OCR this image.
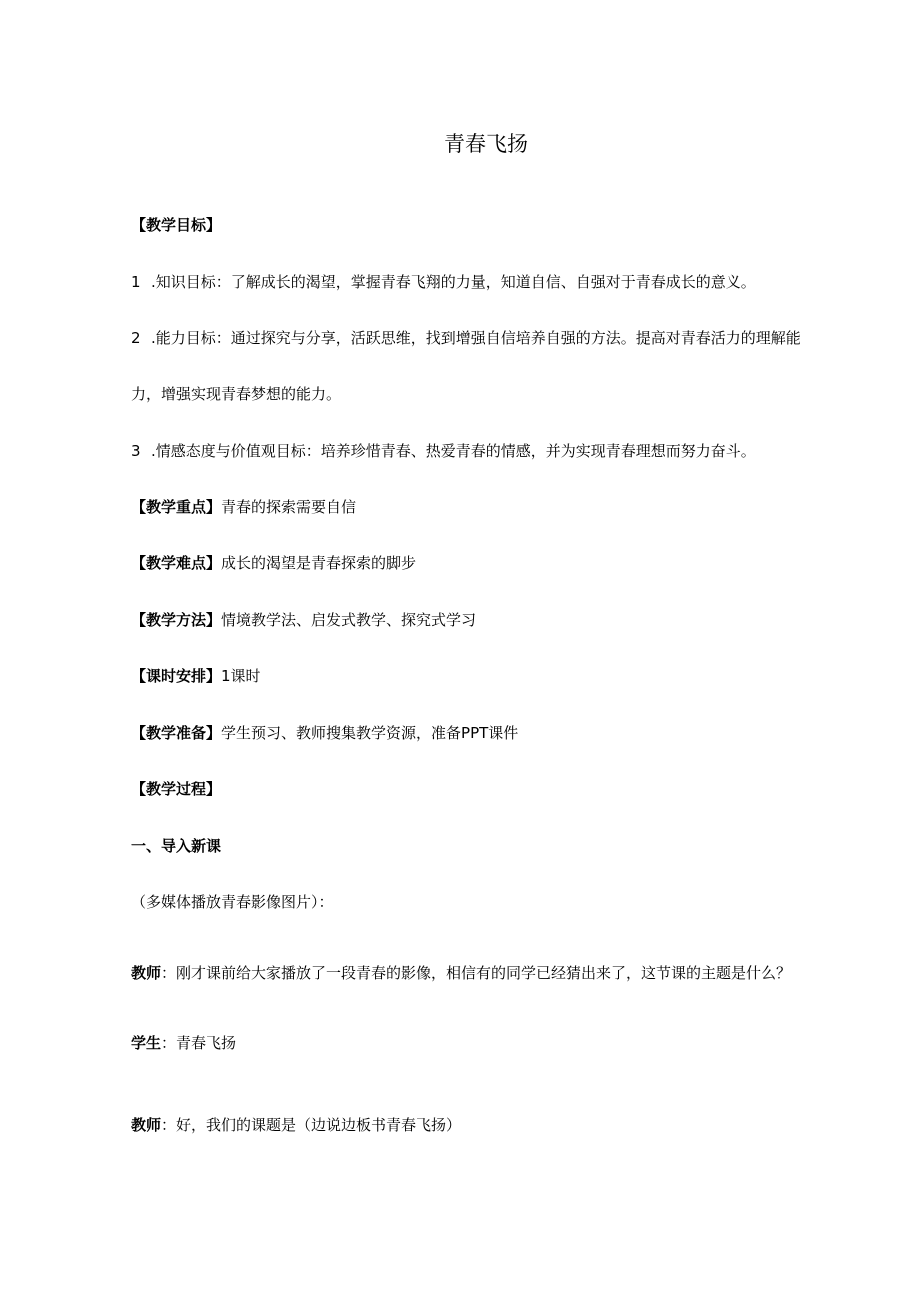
青春飞扬
【教学目标】
1 .知识目标：了解成长的渴望，掌握青春飞翔的力量，知道自信、自强对于青春成长的意义。
2 .能力目标：通过探究与分享，活跃思维，找到增强自信培养自强的方法。提高对青春活力的理解能
力，增强实现青春梦想的能力。
3 .情感态度与价值观目标：培养珍惜青春、热爱青春的情感，并为实现青春理想而努力奋斗。
【教学重点】青春的探索需要自信
【教学难点】成长的渴望是青春探索的脚步
【教学方法】情境教学法、启发式教学、探究式学习
【课时安排】1课时
【教学准备】学生预习、教师搜集教学资源，准备PPT课件
【教学过程】
一、导入新课
（多媒体播放青春影像图片）：
教师：刚才课前给大家播放了一段青春的影像，相信有的同学已经猜出来了，这节课的主题是什么？
学生：青春飞扬
教师：好，我们的课题是（边说边板书青春飞扬）
